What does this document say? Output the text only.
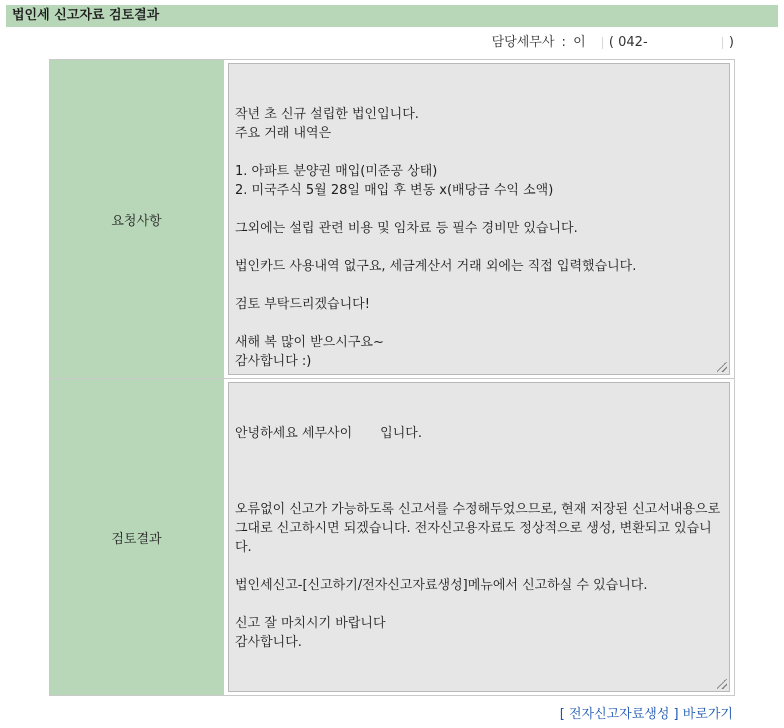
법인세 신고자료 검토결과
담당세무사 : 이 ( 042-	)
요청사항

작년 초 신규 설립한 법인입니다.
주요 거래 내역은
1. 아파트 분양권 매입(미준공 상태)
2. 미국주식 5월 28일 매입 후 변동 x(배당금 수익 소액)
그외에는 설립 관련 비용 및 임차료 등 필수 경비만 있습니다.
법인카드 사용내역 없구요, 세금계산서 거래 외에는 직접 입력했습니다.
검토 부탁드리겠습니다!
새해 복 많이 받으시구요~
감사합니다 :)

검토결과

안녕하세요 세무사이 입니다.

오류없이 신고가 가능하도록 신고서를 수정해두었으므로, 현재 저장된 신고서내용으로 그대로 신고하시면 되겠습니다. 전자신고용자료도 정상적으로 생성, 변환되고 있습니다.
법인세신고-[신고하기/전자신고자료생성]메뉴에서 신고하실 수 있습니다.
신고 잘 마치시기 바랍니다
감사합니다.

[ 전자신고자료생성 ] 바로가기
